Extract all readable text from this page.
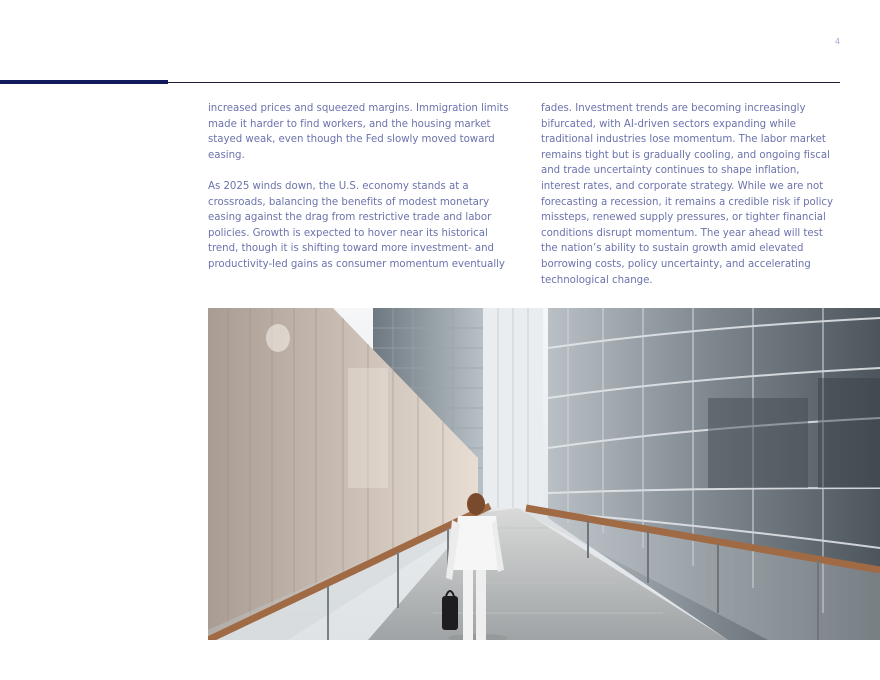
4

increased prices and squeezed margins. Immigration limits made it harder to find workers, and the housing market stayed weak, even though the Fed slowly moved toward easing.

As 2025 winds down, the U.S. economy stands at a crossroads, balancing the benefits of modest monetary easing against the drag from restrictive trade and labor policies. Growth is expected to hover near its historical trend, though it is shifting toward more investment- and productivity-led gains as consumer momentum eventually

fades. Investment trends are becoming increasingly bifurcated, with AI-driven sectors expanding while traditional industries lose momentum. The labor market remains tight but is gradually cooling, and ongoing fiscal and trade uncertainty continues to shape inflation, interest rates, and corporate strategy. While we are not forecasting a recession, it remains a credible risk if policy missteps, renewed supply pressures, or tighter financial conditions disrupt momentum. The year ahead will test the nation’s ability to sustain growth amid elevated borrowing costs, policy uncertainty, and accelerating technological change.
